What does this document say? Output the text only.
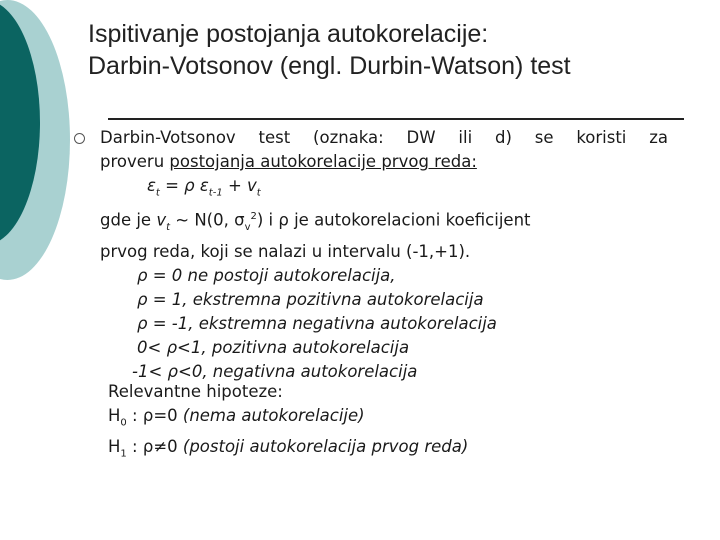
Ispitivanje postojanja autokorelacije:
Darbin-Votsonov (engl. Durbin-Watson) test
Darbin-Votsonov test (oznaka: DW ili d) se koristi za
proveru postojanja autokorelacije prvog reda:
$\varepsilon_t = \rho$ $\varepsilon_{t-1} + v_t$
gde je $v_t$ ~ N(0, $\sigma_v^2$) i ρ je autokorelacioni koeficijent
prvog reda, koji se nalazi u intervalu (-1,+1).
ρ = 0 ne postoji autokorelacija,
ρ = 1, ekstremna pozitivna autokorelacija
ρ = -1, ekstremna negativna autokorelacija
0< ρ<1, pozitivna autokorelacija
-1< ρ<0, negativna autokorelacija
Relevantne hipoteze:
$H_0$ : ρ=0 (nema autokorelacije)
$H_1$ : ρ≠0 (postoji autokorelacija prvog reda)
